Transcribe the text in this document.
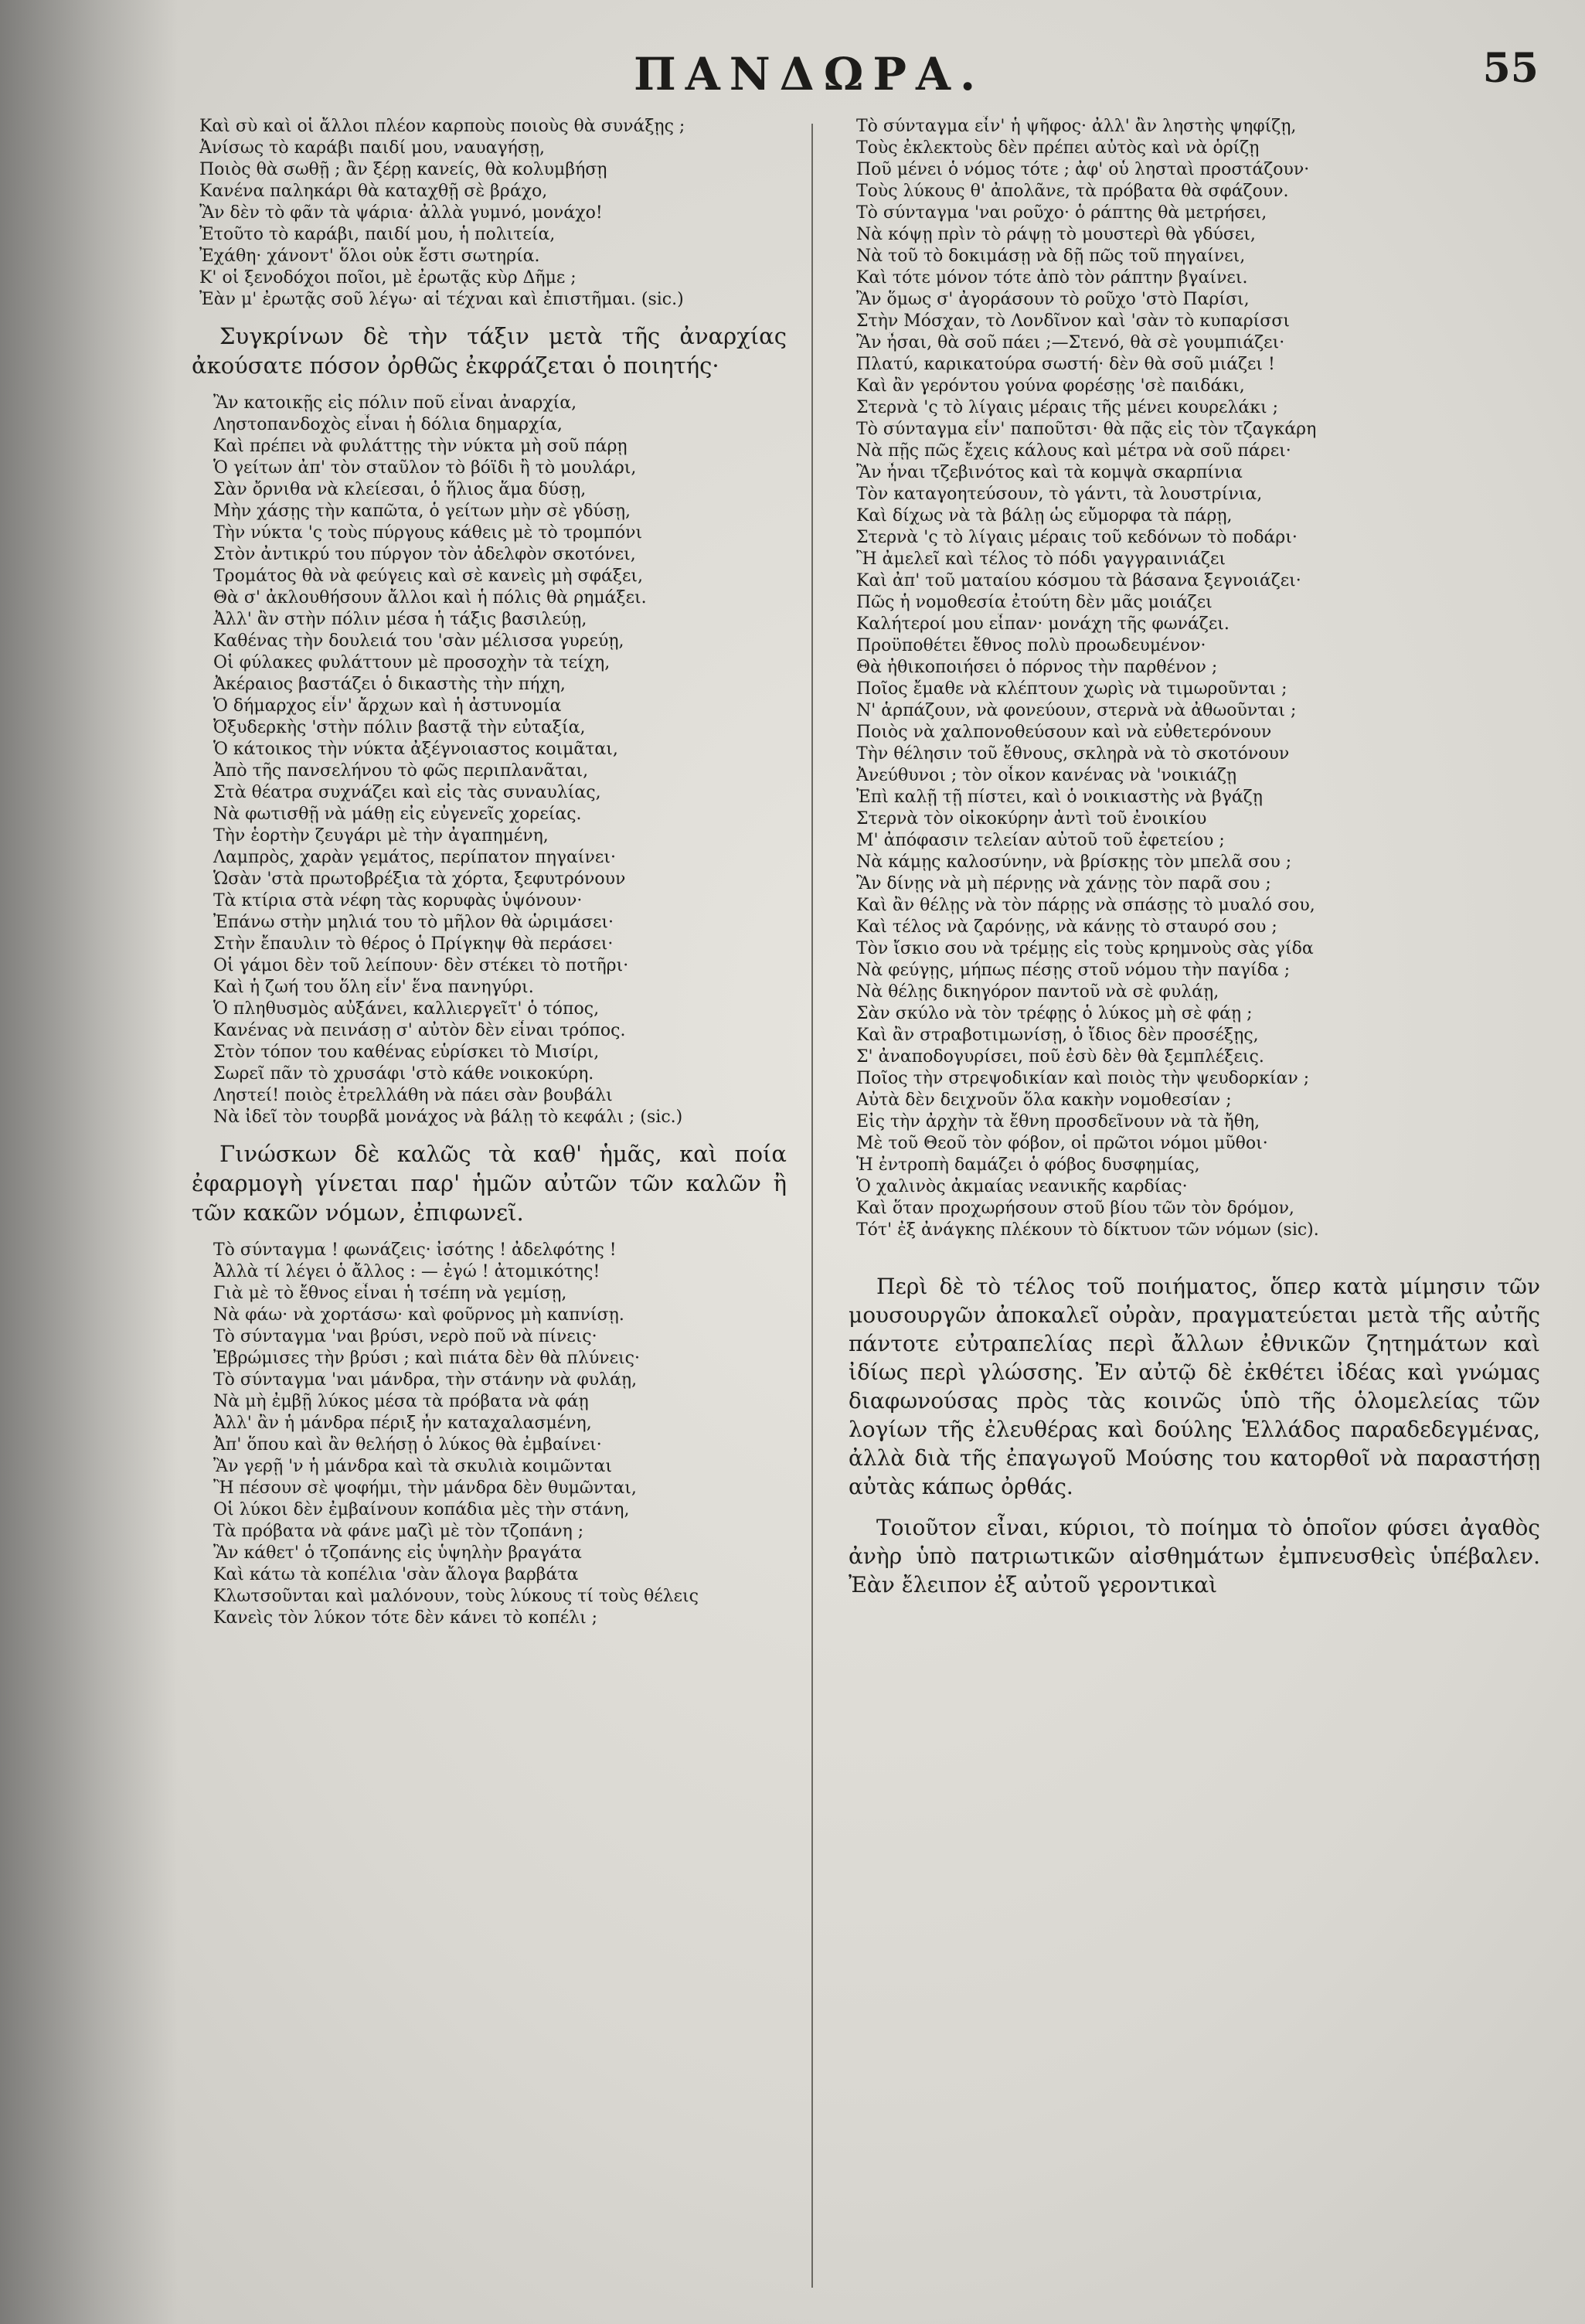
ΠΑΝΔΩΡΑ.	55
Καὶ σὺ καὶ οἱ ἄλλοι πλέον καρποὺς ποιοὺς θὰ συνάξῃς ;
Ἀνίσως τὸ καράβι παιδί μου, ναυαγήσῃ,
Ποιὸς θὰ σωθῇ ; ἂν ξέρῃ κανείς, θὰ κολυμβήσῃ
Κανένα παληκάρι θὰ καταχθῇ σὲ βράχο,
Ἂν δὲν τὸ φᾶν τὰ ψάρια· ἀλλὰ γυμνό, μονάχο!
Ἐτοῦτο τὸ καράβι, παιδί μου, ἡ πολιτεία,
Ἐχάθη· χάνοντ' ὅλοι οὐκ ἔστι σωτηρία.
Κ' οἱ ξενοδόχοι ποῖοι, μὲ ἐρωτᾷς κὺρ Δῆμε ;
Ἐὰν μ' ἐρωτᾷς σοῦ λέγω· αἱ τέχναι καὶ ἐπιστῆμαι. (sic.)

Συγκρίνων δὲ τὴν τάξιν μετὰ τῆς ἀναρχίας ἀκούσατε πόσον ὀρθῶς ἐκφράζεται ὁ ποιητής·

Ἂν κατοικῇς εἰς πόλιν ποῦ εἶναι ἀναρχία,
Ληστοπανδοχὸς εἶναι ἡ δόλια δημαρχία,
Καὶ πρέπει νὰ φυλάττῃς τὴν νύκτα μὴ σοῦ πάρῃ
Ὁ γείτων ἀπ' τὸν σταῦλον τὸ βόϊδι ἢ τὸ μουλάρι,
Σὰν ὄρνιθα νὰ κλείεσαι, ὁ ἥλιος ἅμα δύσῃ,
Μὴν χάσῃς τὴν καπῶτα, ὁ γείτων μὴν σὲ γδύσῃ,
Τὴν νύκτα 'ς τοὺς πύργους κάθεις μὲ τὸ τρομπόνι
Στὸν ἀντικρύ του πύργον τὸν ἀδελφὸν σκοτόνει,
Τρομάτος θὰ νὰ φεύγεις καὶ σὲ κανεὶς μὴ σφάξει,
Θὰ σ' ἀκλουθήσουν ἄλλοι καὶ ἡ πόλις θὰ ρημάξει.
Ἀλλ' ἂν στὴν πόλιν μέσα ἡ τάξις βασιλεύῃ,
Καθένας τὴν δουλειά του 'σὰν μέλισσα γυρεύῃ,
Οἱ φύλακες φυλάττουν μὲ προσοχὴν τὰ τείχη,
Ἀκέραιος βαστάζει ὁ δικαστὴς τὴν πήχη,
Ὁ δήμαρχος εἶν' ἄρχων καὶ ἡ ἀστυνομία
Ὀξυδερκὴς 'στὴν πόλιν βαστᾷ τὴν εὐταξία,
Ὁ κάτοικος τὴν νύκτα ἀξέγνοιαστος κοιμᾶται,
Ἀπὸ τῆς πανσελήνου τὸ φῶς περιπλανᾶται,
Στὰ θέατρα συχνάζει καὶ εἰς τὰς συναυλίας,
Νὰ φωτισθῇ νὰ μάθῃ εἰς εὐγενεῖς χορείας.
Τὴν ἑορτὴν ζευγάρι μὲ τὴν ἀγαπημένη,
Λαμπρὸς, χαρὰν γεμάτος, περίπατον πηγαίνει·
Ὡσὰν 'στὰ πρωτοβρέξια τὰ χόρτα, ξεφυτρόνουν
Τὰ κτίρια στὰ νέφη τὰς κορυφὰς ὑψόνουν·
Ἐπάνω στὴν μηλιά του τὸ μῆλον θὰ ὡριμάσει·
Στὴν ἔπαυλιν τὸ θέρος ὁ Πρίγκηψ θὰ περάσει·
Οἱ γάμοι δὲν τοῦ λείπουν· δὲν στέκει τὸ ποτῆρι·
Καὶ ἡ ζωή του ὅλη εἶν' ἕνα πανηγύρι.
Ὁ πληθυσμὸς αὐξάνει, καλλιεργεῖτ' ὁ τόπος,
Κανένας νὰ πεινάσῃ σ' αὐτὸν δὲν εἶναι τρόπος.
Στὸν τόπον του καθένας εὑρίσκει τὸ Μισίρι,
Σωρεῖ πᾶν τὸ χρυσάφι 'στὸ κάθε νοικοκύρη.
Ληστεί! ποιὸς ἐτρελλάθη νὰ πάει σὰν βουβάλι
Νὰ ἰδεῖ τὸν τουρβᾶ μονάχος νὰ βάλῃ τὸ κεφάλι ; (sic.)

Γινώσκων δὲ καλῶς τὰ καθ' ἡμᾶς, καὶ ποία ἐφαρμογὴ γίνεται παρ' ἡμῶν αὐτῶν τῶν καλῶν ἢ τῶν κακῶν νόμων, ἐπιφωνεῖ.

Τὸ σύνταγμα ! φωνάζεις· ἰσότης ! ἀδελφότης !
Ἀλλὰ τί λέγει ὁ ἄλλος : — ἐγώ ! ἀτομικότης!
Γιὰ μὲ τὸ ἔθνος εἶναι ἡ τσέπη νὰ γεμίσῃ,
Νὰ φάω· νὰ χορτάσω· καὶ φοῦρνος μὴ καπνίσῃ.
Τὸ σύνταγμα 'ναι βρύσι, νερὸ ποῦ νὰ πίνεις·
Ἐβρώμισες τὴν βρύσι ; καὶ πιάτα δὲν θὰ πλύνεις·
Τὸ σύνταγμα 'ναι μάνδρα, τὴν στάνην νὰ φυλάῃ,
Νὰ μὴ ἐμβῇ λύκος μέσα τὰ πρόβατα νὰ φάῃ
Ἀλλ' ἂν ἡ μάνδρα πέριξ ἦν καταχαλασμένη,
Ἀπ' ὅπου καὶ ἂν θελήσῃ ὁ λύκος θὰ ἐμβαίνει·
Ἂν γερῇ 'ν ἡ μάνδρα καὶ τὰ σκυλιὰ κοιμῶνται
Ἢ πέσουν σὲ ψοφήμι, τὴν μάνδρα δὲν θυμῶνται,
Οἱ λύκοι δὲν ἐμβαίνουν κοπάδια μὲς τὴν στάνη,
Τὰ πρόβατα νὰ φάνε μαζὶ μὲ τὸν τζοπάνη ;
Ἂν κάθετ' ὁ τζοπάνης εἰς ὑψηλὴν βραγάτα
Καὶ κάτω τὰ κοπέλια 'σὰν ἄλογα βαρβάτα
Κλωτσοῦνται καὶ μαλόνουν, τοὺς λύκους τί τοὺς θέλεις
Κανεὶς τὸν λύκον τότε δὲν κάνει τὸ κοπέλι ;
Τὸ σύνταγμα εἶν' ἡ ψῆφος· ἀλλ' ἂν ληστὴς ψηφίζῃ,
Τοὺς ἐκλεκτοὺς δὲν πρέπει αὐτὸς καὶ νὰ ὁρίζῃ
Ποῦ μένει ὁ νόμος τότε ; ἀφ' οὗ λησταὶ προστάζουν·
Τοὺς λύκους θ' ἀπολᾶνε, τὰ πρόβατα θὰ σφάζουν.
Τὸ σύνταγμα 'ναι ροῦχο· ὁ ράπτης θὰ μετρήσει,
Νὰ κόψῃ πρὶν τὸ ράψῃ τὸ μουστερὶ θὰ γδύσει,
Νὰ τοῦ τὸ δοκιμάσῃ νὰ δῇ πῶς τοῦ πηγαίνει,
Καὶ τότε μόνον τότε ἀπὸ τὸν ράπτην βγαίνει.
Ἂν ὅμως σ' ἀγοράσουν τὸ ροῦχο 'στὸ Παρίσι,
Στὴν Μόσχαν, τὸ Λονδῖνον καὶ 'σὰν τὸ κυπαρίσσι
Ἂν ἦσαι, θὰ σοῦ πάει ;—Στενό, θὰ σὲ γουμπιάζει·
Πλατύ, καρικατούρα σωστή· δὲν θὰ σοῦ μιάζει !
Καὶ ἂν γερόντου γούνα φορέσῃς 'σὲ παιδάκι,
Στερνὰ 'ς τὸ λίγαις μέραις τῆς μένει κουρελάκι ;
Τὸ σύνταγμα εἶν' παποῦτσι· θὰ πᾷς εἰς τὸν τζαγκάρη
Νὰ πῇς πῶς ἔχεις κάλους καὶ μέτρα νὰ σοῦ πάρει·
Ἂν ἦναι τζεβινότος καὶ τὰ κομψὰ σκαρπίνια
Τὸν καταγοητεύσουν, τὸ γάντι, τὰ λουστρίνια,
Καὶ δίχως νὰ τὰ βάλῃ ὡς εὔμορφα τὰ πάρῃ,
Στερνὰ 'ς τὸ λίγαις μέραις τοῦ κεδόνων τὸ ποδάρι·
Ἢ ἀμελεῖ καὶ τέλος τὸ πόδι γαγγραινιάζει
Καὶ ἀπ' τοῦ ματαίου κόσμου τὰ βάσανα ξεγνοιάζει·
Πῶς ἡ νομοθεσία ἐτούτη δὲν μᾶς μοιάζει
Καλήτεροί μου εἶπαν· μονάχη τῆς φωνάζει.
Προϋποθέτει ἔθνος πολὺ προωδευμένον·
Θὰ ἠθικοποιήσει ὁ πόρνος τὴν παρθένον ;
Ποῖος ἔμαθε νὰ κλέπτουν χωρὶς νὰ τιμωροῦνται ;
Ν' ἁρπάζουν, νὰ φονεύουν, στερνὰ νὰ ἀθωοῦνται ;
Ποιὸς νὰ χαλπονοθεύσουν καὶ νὰ εὐθετερόνουν
Τὴν θέλησιν τοῦ ἔθνους, σκληρὰ νὰ τὸ σκοτόνουν
Ἀνεύθυνοι ; τὸν οἶκον κανένας νὰ 'νοικιάζῃ
Ἐπὶ καλῇ τῇ πίστει, καὶ ὁ νοικιαστὴς νὰ βγάζῃ
Στερνὰ τὸν οἰκοκύρην ἀντὶ τοῦ ἐνοικίου
Μ' ἀπόφασιν τελείαν αὐτοῦ τοῦ ἐφετείου ;
Νὰ κάμῃς καλοσύνην, νὰ βρίσκῃς τὸν μπελᾶ σου ;
Ἂν δίνῃς νὰ μὴ πέρνῃς νὰ χάνῃς τὸν παρᾶ σου ;
Καὶ ἂν θέλῃς νὰ τὸν πάρῃς νὰ σπάσῃς τὸ μυαλό σου,
Καὶ τέλος νὰ ζαρόνῃς, νὰ κάνῃς τὸ σταυρό σου ;
Τὸν ἴσκιο σου νὰ τρέμῃς εἰς τοὺς κρημνοὺς σὰς γίδα
Νὰ φεύγῃς, μήπως πέσῃς στοῦ νόμου τὴν παγίδα ;
Νὰ θέλῃς δικηγόρον παντοῦ νὰ σὲ φυλάῃ,
Σὰν σκύλο νὰ τὸν τρέφῃς ὁ λύκος μὴ σὲ φάῃ ;
Καὶ ἂν στραβοτιμωνίσῃ, ὁ ἴδιος δὲν προσέξῃς,
Σ' ἀναποδογυρίσει, ποῦ ἐσὺ δὲν θὰ ξεμπλέξεις.
Ποῖος τὴν στρεψοδικίαν καὶ ποιὸς τὴν ψευδορκίαν ;
Αὐτὰ δὲν δειχνοῦν ὅλα κακὴν νομοθεσίαν ;
Εἰς τὴν ἀρχὴν τὰ ἔθνη προσδεῖνουν νὰ τὰ ἤθη,
Μὲ τοῦ Θεοῦ τὸν φόβον, οἱ πρῶτοι νόμοι μῦθοι·
Ἡ ἐντροπὴ δαμάζει ὁ φόβος δυσφημίας,
Ὁ χαλινὸς ἀκμαίας νεανικῆς καρδίας·
Καὶ ὅταν προχωρήσουν στοῦ βίου τῶν τὸν δρόμον,
Τότ' ἐξ ἀνάγκης πλέκουν τὸ δίκτυον τῶν νόμων (sic).

Περὶ δὲ τὸ τέλος τοῦ ποιήματος, ὅπερ κατὰ μίμησιν τῶν μουσουργῶν ἀποκαλεῖ οὐρὰν, πραγματεύεται μετὰ τῆς αὐτῆς πάντοτε εὐτραπελίας περὶ ἄλλων ἐθνικῶν ζητημάτων καὶ ἰδίως περὶ γλώσσης. Ἐν αὐτῷ δὲ ἐκθέτει ἰδέας καὶ γνώμας διαφωνούσας πρὸς τὰς κοινῶς ὑπὸ τῆς ὁλομελείας τῶν λογίων τῆς ἐλευθέρας καὶ δούλης Ἑλλάδος παραδεδεγμένας, ἀλλὰ διὰ τῆς ἐπαγωγοῦ Μούσης του κατορθοῖ νὰ παραστήσῃ αὐτὰς κάπως ὀρθάς.

Τοιοῦτον εἶναι, κύριοι, τὸ ποίημα τὸ ὁποῖον φύσει ἀγαθὸς ἀνὴρ ὑπὸ πατριωτικῶν αἰσθημάτων ἐμπνευσθεὶς ὑπέβαλεν. Ἐὰν ἔλειπον ἐξ αὐτοῦ γεροντικαὶ
